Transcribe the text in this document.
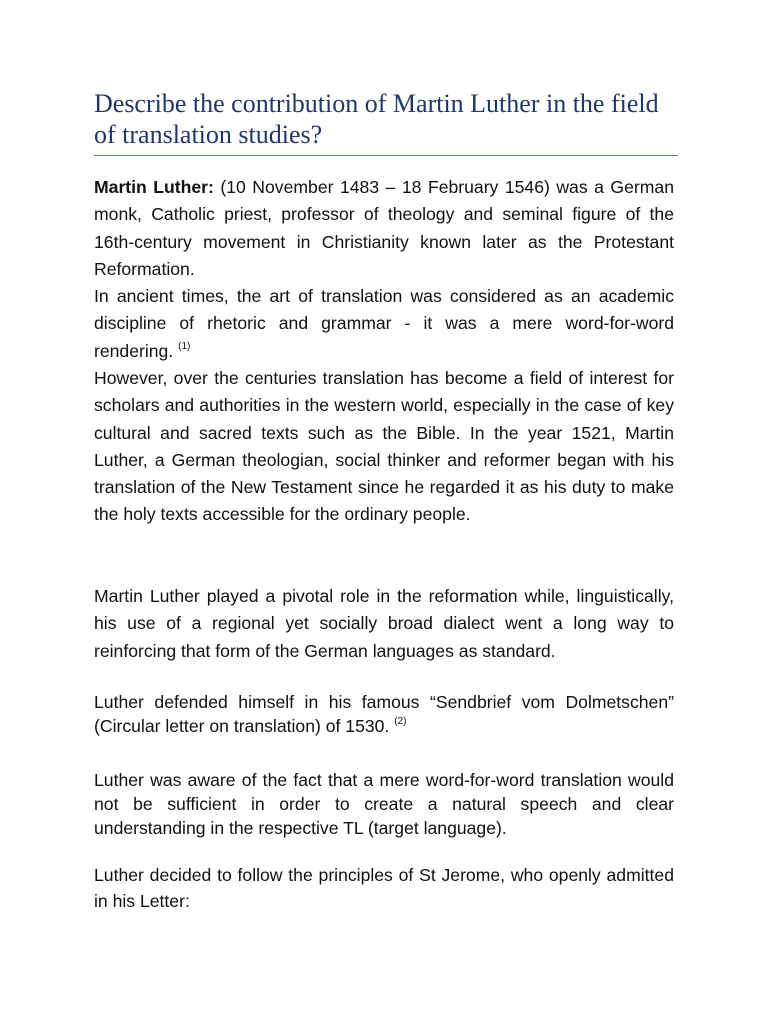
Describe the contribution of Martin Luther in the field of translation studies?

Martin Luther: (10 November 1483 – 18 February 1546) was a German monk, Catholic priest, professor of theology and seminal figure of the 16th-century movement in Christianity known later as the Protestant Reformation.

In ancient times, the art of translation was considered as an academic discipline of rhetoric and grammar - it was a mere word-for-word rendering. $^{(1)}$

However, over the centuries translation has become a field of interest for scholars and authorities in the western world, especially in the case of key cultural and sacred texts such as the Bible. In the year 1521, Martin Luther, a German theologian, social thinker and reformer began with his translation of the New Testament since he regarded it as his duty to make the holy texts accessible for the ordinary people.

Martin Luther played a pivotal role in the reformation while, linguistically, his use of a regional yet socially broad dialect went a long way to reinforcing that form of the German languages as standard.

Luther defended himself in his famous “Sendbrief vom Dolmetschen” (Circular letter on translation) of 1530. $^{(2)}$

Luther was aware of the fact that a mere word-for-word translation would not be sufficient in order to create a natural speech and clear understanding in the respective TL (target language).

Luther decided to follow the principles of St Jerome, who openly admitted in his Letter:
